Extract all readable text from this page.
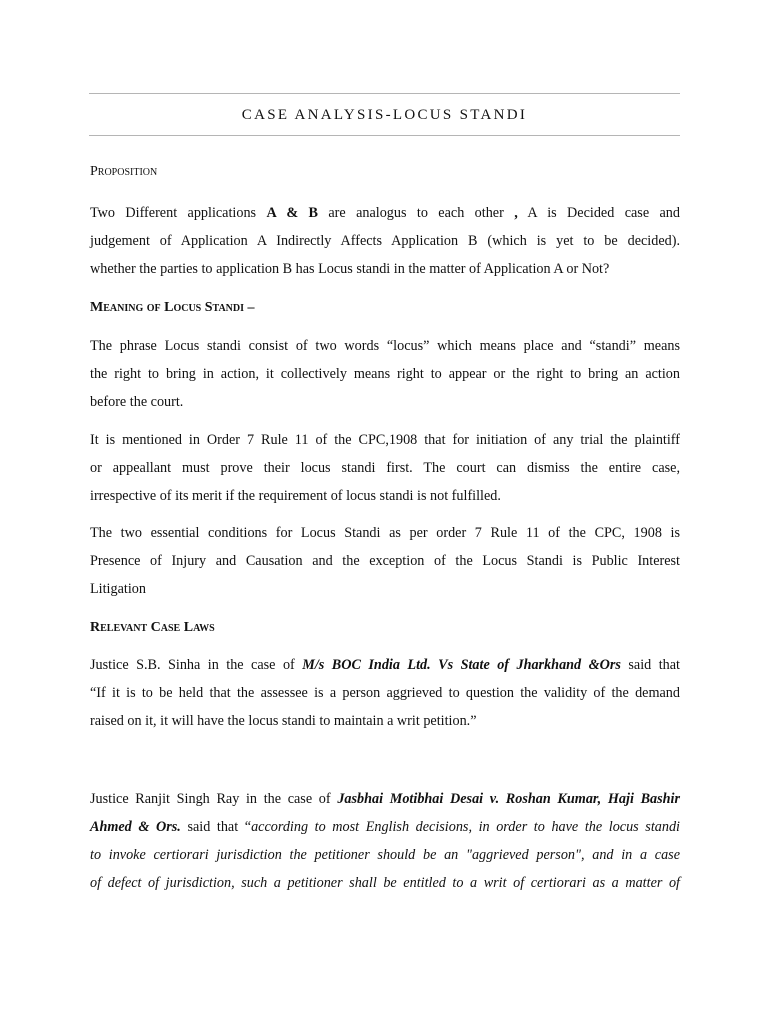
CASE ANALYSIS-LOCUS STANDI
Proposition
Two Different applications A & B are analogus to each other , A is Decided case and
judgement of Application A Indirectly Affects Application B (which is yet to be decided).
whether the parties to application B has Locus standi in the matter of Application A or Not?
Meaning of Locus Standi –
The phrase Locus standi consist of two words “locus” which means place and “standi” means
the right to bring in action, it collectively means right to appear or the right to bring an action
before the court.
It is mentioned in Order 7 Rule 11 of the CPC,1908 that for initiation of any trial the plaintiff
or appeallant must prove their locus standi first. The court can dismiss the entire case,
irrespective of its merit if the requirement of locus standi is not fulfilled.
The two essential conditions for Locus Standi as per order 7 Rule 11 of the CPC, 1908 is
Presence of Injury and Causation and the exception of the Locus Standi is Public Interest
Litigation
Relevant Case Laws
Justice S.B. Sinha in the case of M/s BOC India Ltd. Vs State of Jharkhand &Ors said that
“If it is to be held that the assessee is a person aggrieved to question the validity of the demand
raised on it, it will have the locus standi to maintain a writ petition.”
Justice Ranjit Singh Ray in the case of Jasbhai Motibhai Desai v. Roshan Kumar, Haji Bashir
Ahmed & Ors. said that “according to most English decisions, in order to have the locus standi
to invoke certiorari jurisdiction the petitioner should be an "aggrieved person", and in a case
of defect of jurisdiction, such a petitioner shall be entitled to a writ of certiorari as a matter of
